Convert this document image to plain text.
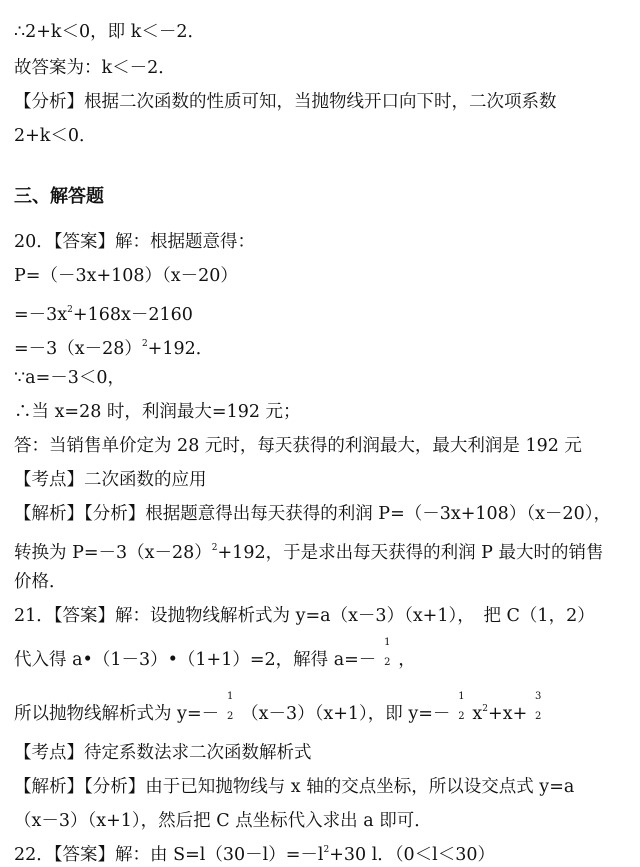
∴2+k＜0，即 k＜－2．
故答案为：k＜－2．
【分析】根据二次函数的性质可知，当抛物线开口向下时，二次项系数
2+k＜0．
三、解答题
20．【答案】解：根据题意得：
P=（－3x+108）（x－20）
$=-3x^2+168x-2160$
$=-3(x-28)^2+192$．
∵a=－3＜0，
∴当 x=28 时，利润最大=192 元；
答：当销售单价定为 28 元时，每天获得的利润最大，最大利润是 192 元
【考点】二次函数的应用
【解析】【分析】根据题意得出每天获得的利润 P=（－3x+108）（x－20），
转换为 $P=-3(x-28)^2+192$，于是求出每天获得的利润 P 最大时的销售
价格．
21．【答案】解：设抛物线解析式为 y=a（x－3）（x+1），　把 C（1，2）
代入得 a•（1－3）•（1+1）=2，解得 a=－
1
2 ，
所以抛物线解析式为 y=－
1
2 （x－3）（x+1），即 y=－
1
2 $x^2+x+$
3
2
【考点】待定系数法求二次函数解析式
【解析】【分析】由于已知抛物线与 x 轴的交点坐标，所以设交点式 y=a
（x－3）（x+1），然后把 C 点坐标代入求出 a 即可．
22．【答案】解：由 $S=l(30-l)=-l^2+30$ l．（0＜l＜30）
